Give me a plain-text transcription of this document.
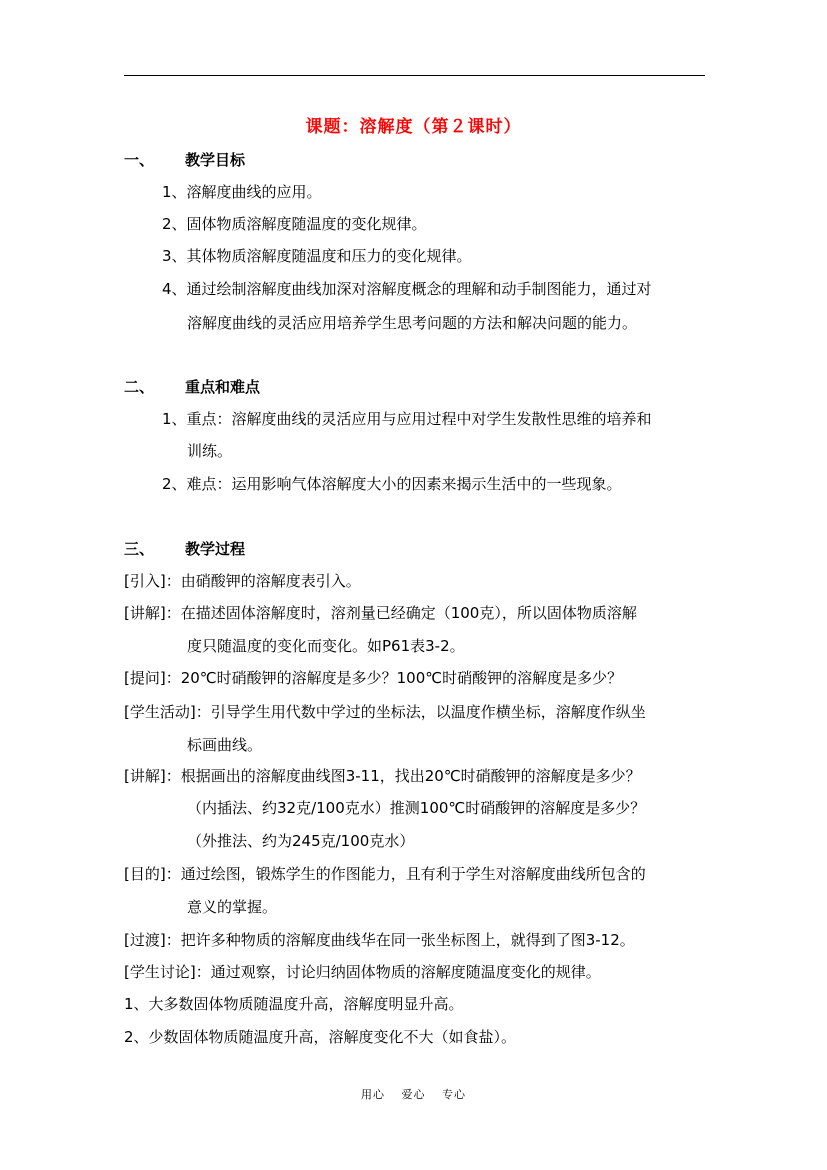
课题：溶解度（第２课时）
一、 教学目标
1、溶解度曲线的应用。
2、固体物质溶解度随温度的变化规律。
3、其体物质溶解度随温度和压力的变化规律。
4、通过绘制溶解度曲线加深对溶解度概念的理解和动手制图能力，通过对
溶解度曲线的灵活应用培养学生思考问题的方法和解决问题的能力。
二、 重点和难点
1、重点：溶解度曲线的灵活应用与应用过程中对学生发散性思维的培养和
训练。
2、难点：运用影响气体溶解度大小的因素来揭示生活中的一些现象。
三、 教学过程
[引入]：由硝酸钾的溶解度表引入。
[讲解]：在描述固体溶解度时，溶剂量已经确定（100克），所以固体物质溶解
度只随温度的变化而变化。如P61表3-2。
[提问]：20℃时硝酸钾的溶解度是多少？100℃时硝酸钾的溶解度是多少？
[学生活动]：引导学生用代数中学过的坐标法，以温度作横坐标，溶解度作纵坐
标画曲线。
[讲解]：根据画出的溶解度曲线图3-11，找出20℃时硝酸钾的溶解度是多少？
（内插法、约32克/100克水）推测100℃时硝酸钾的溶解度是多少？
（外推法、约为245克/100克水）
[目的]：通过绘图，锻炼学生的作图能力，且有利于学生对溶解度曲线所包含的
意义的掌握。
[过渡]：把许多种物质的溶解度曲线华在同一张坐标图上，就得到了图3-12。
[学生讨论]：通过观察，讨论归纳固体物质的溶解度随温度变化的规律。
1、大多数固体物质随温度升高，溶解度明显升高。
2、少数固体物质随温度升高，溶解度变化不大（如食盐）。
用心 爱心 专心
